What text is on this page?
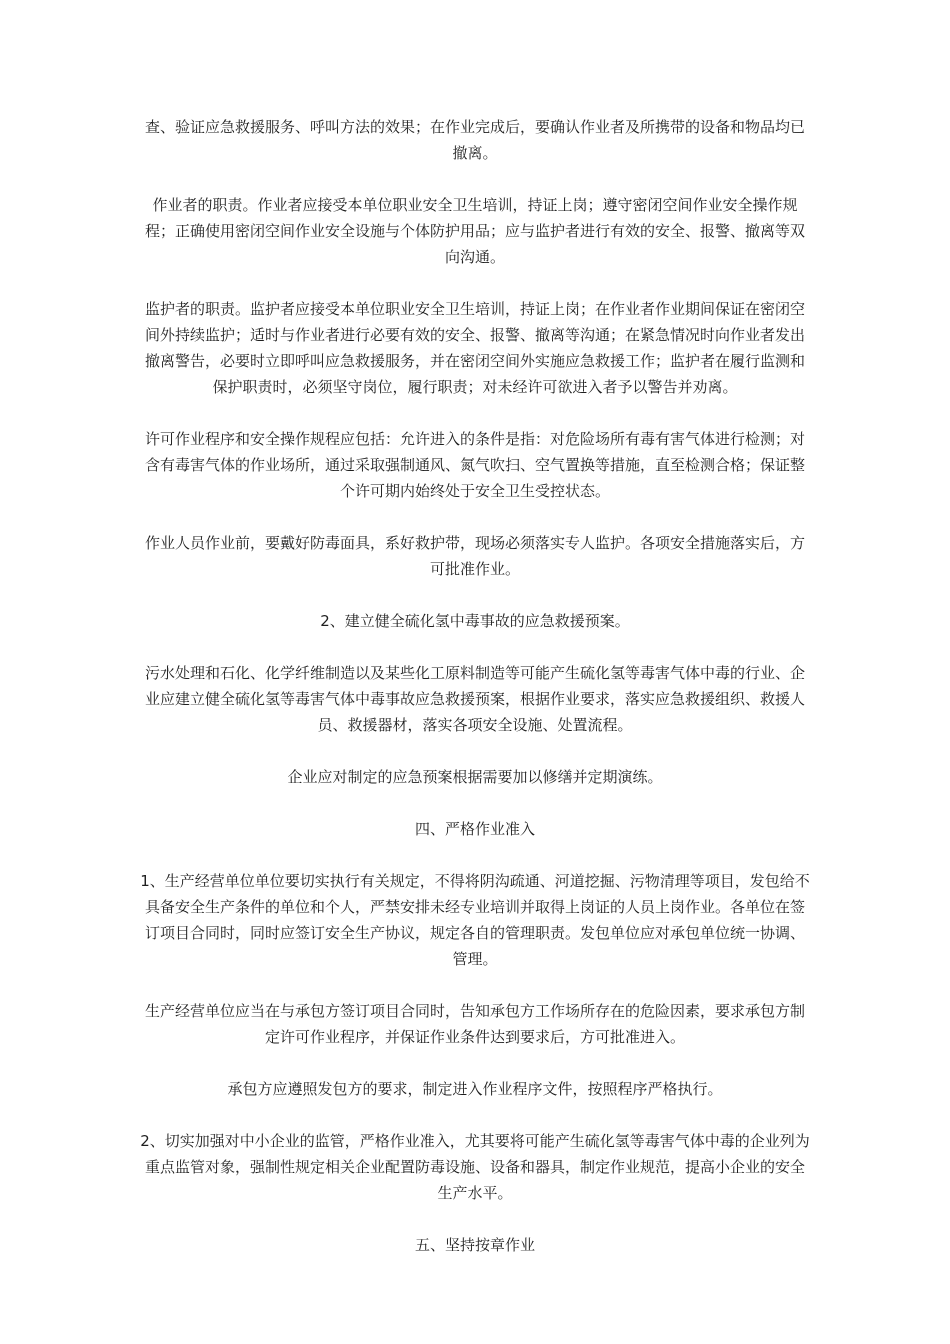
查、验证应急救援服务、呼叫方法的效果；在作业完成后，要确认作业者及所携带的设备和物品均已撤离。

作业者的职责。作业者应接受本单位职业安全卫生培训，持证上岗；遵守密闭空间作业安全操作规程；正确使用密闭空间作业安全设施与个体防护用品；应与监护者进行有效的安全、报警、撤离等双向沟通。

监护者的职责。监护者应接受本单位职业安全卫生培训，持证上岗；在作业者作业期间保证在密闭空间外持续监护；适时与作业者进行必要有效的安全、报警、撤离等沟通；在紧急情况时向作业者发出撤离警告，必要时立即呼叫应急救援服务，并在密闭空间外实施应急救援工作；监护者在履行监测和保护职责时，必须坚守岗位，履行职责；对未经许可欲进入者予以警告并劝离。

许可作业程序和安全操作规程应包括：允许进入的条件是指：对危险场所有毒有害气体进行检测；对含有毒害气体的作业场所，通过采取强制通风、氮气吹扫、空气置换等措施，直至检测合格；保证整个许可期内始终处于安全卫生受控状态。

作业人员作业前，要戴好防毒面具，系好救护带，现场必须落实专人监护。各项安全措施落实后，方可批准作业。

2、建立健全硫化氢中毒事故的应急救援预案。

污水处理和石化、化学纤维制造以及某些化工原料制造等可能产生硫化氢等毒害气体中毒的行业、企业应建立健全硫化氢等毒害气体中毒事故应急救援预案，根据作业要求，落实应急救援组织、救援人员、救援器材，落实各项安全设施、处置流程。

企业应对制定的应急预案根据需要加以修缮并定期演练。

四、严格作业准入

1、生产经营单位单位要切实执行有关规定，不得将阴沟疏通、河道挖掘、污物清理等项目，发包给不具备安全生产条件的单位和个人，严禁安排未经专业培训并取得上岗证的人员上岗作业。各单位在签订项目合同时，同时应签订安全生产协议，规定各自的管理职责。发包单位应对承包单位统一协调、管理。

生产经营单位应当在与承包方签订项目合同时，告知承包方工作场所存在的危险因素，要求承包方制定许可作业程序，并保证作业条件达到要求后，方可批准进入。

承包方应遵照发包方的要求，制定进入作业程序文件，按照程序严格执行。

2、切实加强对中小企业的监管，严格作业准入，尤其要将可能产生硫化氢等毒害气体中毒的企业列为重点监管对象，强制性规定相关企业配置防毒设施、设备和器具，制定作业规范，提高小企业的安全生产水平。

五、坚持按章作业
